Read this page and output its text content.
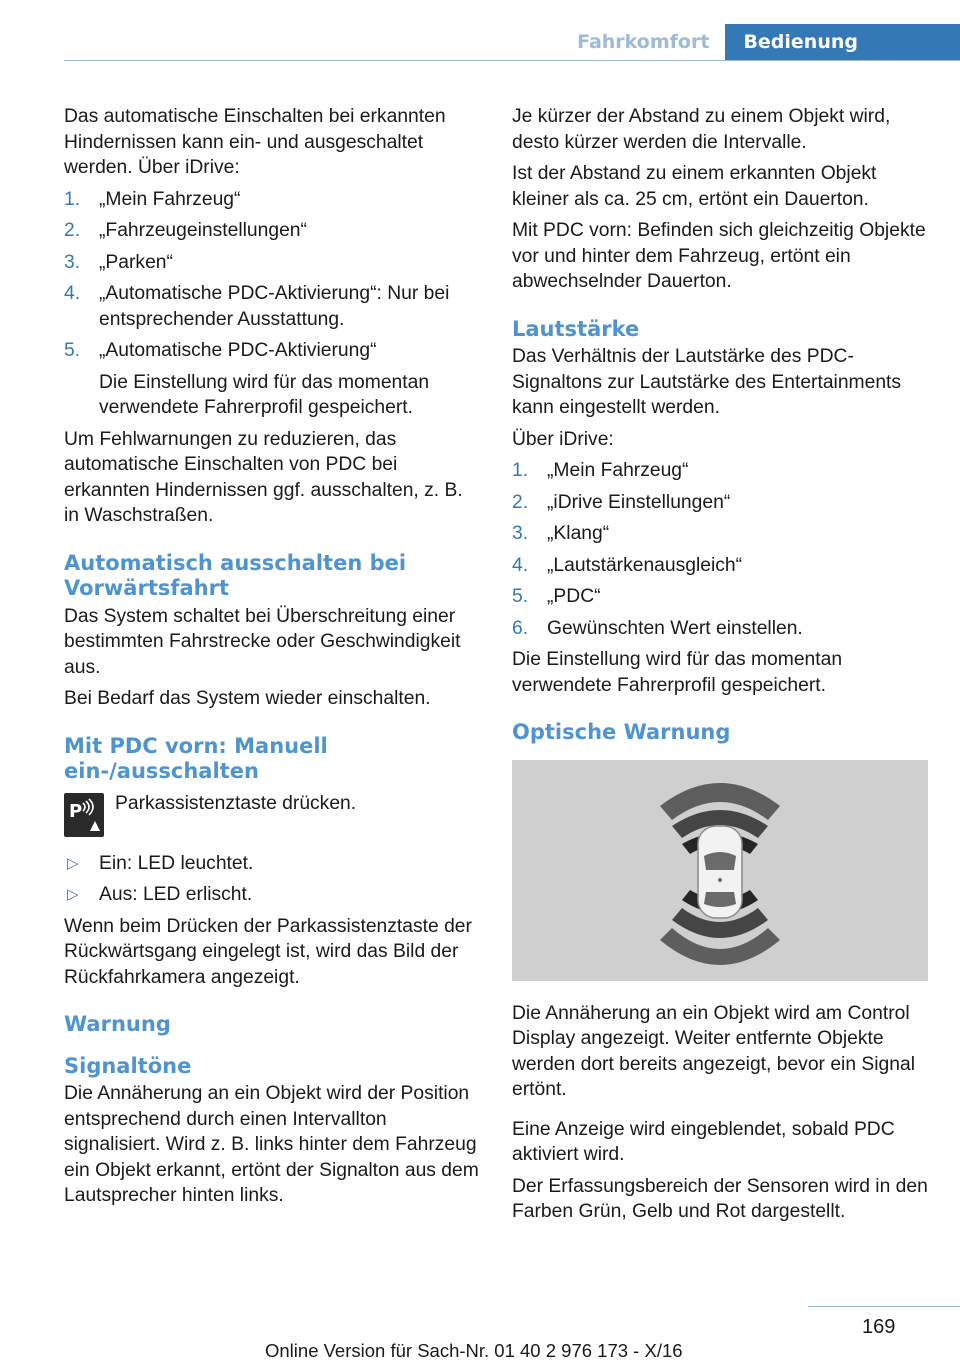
Fahrkomfort	Bedienung

Das automatische Einschalten bei erkannten Hindernissen kann ein- und ausgeschaltet werden. Über iDrive:

1. „Mein Fahrzeug“
2. „Fahrzeugeinstellungen“
3. „Parken“
4. „Automatische PDC-Aktivierung“: Nur bei entsprechender Ausstattung.
5. „Automatische PDC-Aktivierung“
Die Einstellung wird für das momentan verwendete Fahrerprofil gespeichert.

Um Fehlwarnungen zu reduzieren, das automatische Einschalten von PDC bei erkannten Hindernissen ggf. ausschalten, z. B. in Waschstraßen.

Automatisch ausschalten bei Vorwärtsfahrt

Das System schaltet bei Überschreitung einer bestimmten Fahrstrecke oder Geschwindigkeit aus.

Bei Bedarf das System wieder einschalten.

Mit PDC vorn: Manuell ein-/ausschalten
P Parkassistenztaste drücken.
▷ Ein: LED leuchtet.
▷ Aus: LED erlischt.

Wenn beim Drücken der Parkassistenztaste der Rückwärtsgang eingelegt ist, wird das Bild der Rückfahrkamera angezeigt.

Warnung
Signaltöne

Die Annäherung an ein Objekt wird der Position entsprechend durch einen Intervallton signalisiert. Wird z. B. links hinter dem Fahrzeug ein Objekt erkannt, ertönt der Signalton aus dem Lautsprecher hinten links.

Je kürzer der Abstand zu einem Objekt wird, desto kürzer werden die Intervalle.

Ist der Abstand zu einem erkannten Objekt kleiner als ca. 25 cm, ertönt ein Dauerton.

Mit PDC vorn: Befinden sich gleichzeitig Objekte vor und hinter dem Fahrzeug, ertönt ein abwechselnder Dauerton.

Lautstärke

Das Verhältnis der Lautstärke des PDC-Signaltons zur Lautstärke des Entertainments kann eingestellt werden.

Über iDrive:

1. „Mein Fahrzeug“
2. „iDrive Einstellungen“
3. „Klang“
4. „Lautstärkenausgleich“
5. „PDC“
6. Gewünschten Wert einstellen.

Die Einstellung wird für das momentan verwendete Fahrerprofil gespeichert.

Optische Warnung

Die Annäherung an ein Objekt wird am Control Display angezeigt. Weiter entfernte Objekte werden dort bereits angezeigt, bevor ein Signal ertönt.

Eine Anzeige wird eingeblendet, sobald PDC aktiviert wird.

Der Erfassungsbereich der Sensoren wird in den Farben Grün, Gelb und Rot dargestellt.

169
Online Version für Sach-Nr. 01 40 2 976 173 - X/16
